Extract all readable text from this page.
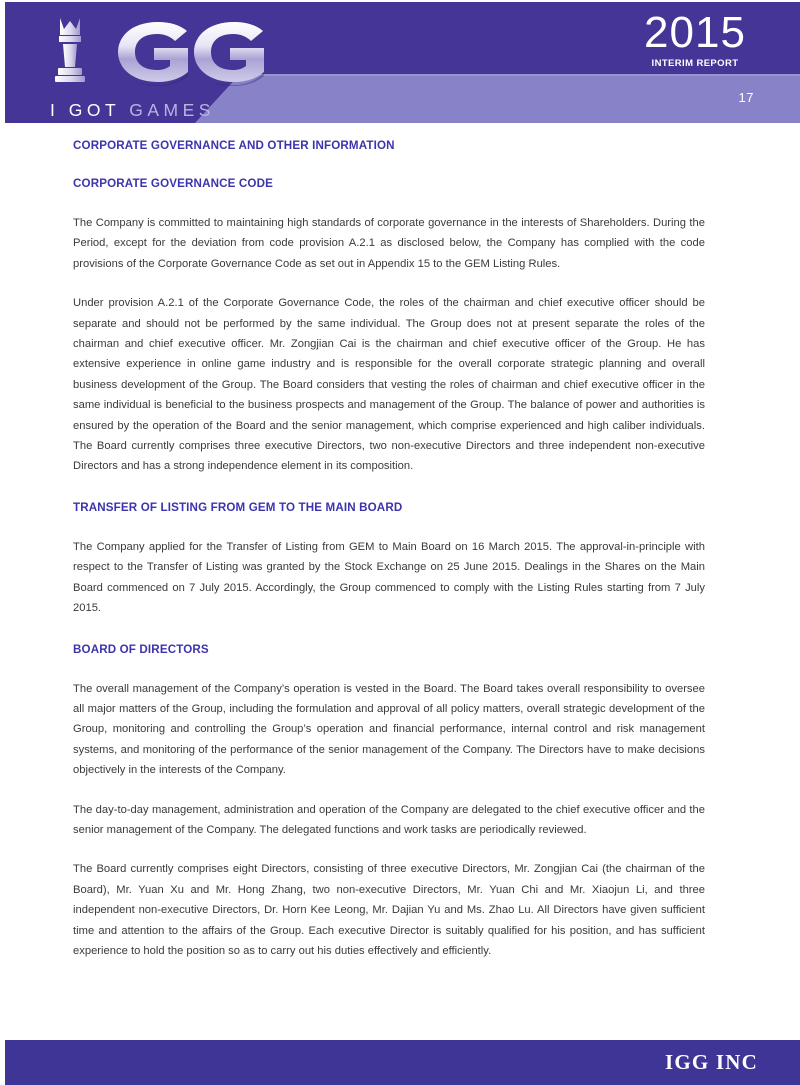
I GOT GAMES
2015
INTERIM REPORT
17
CORPORATE GOVERNANCE AND OTHER INFORMATION
CORPORATE GOVERNANCE CODE

The Company is committed to maintaining high standards of corporate governance in the interests of Shareholders. During the Period, except for the deviation from code provision A.2.1 as disclosed below, the Company has complied with the code provisions of the Corporate Governance Code as set out in Appendix 15 to the GEM Listing Rules.

Under provision A.2.1 of the Corporate Governance Code, the roles of the chairman and chief executive officer should be separate and should not be performed by the same individual. The Group does not at present separate the roles of the chairman and chief executive officer. Mr. Zongjian Cai is the chairman and chief executive officer of the Group. He has extensive experience in online game industry and is responsible for the overall corporate strategic planning and overall business development of the Group. The Board considers that vesting the roles of chairman and chief executive officer in the same individual is beneficial to the business prospects and management of the Group. The balance of power and authorities is ensured by the operation of the Board and the senior management, which comprise experienced and high caliber individuals. The Board currently comprises three executive Directors, two non-executive Directors and three independent non-executive Directors and has a strong independence element in its composition.

TRANSFER OF LISTING FROM GEM TO THE MAIN BOARD

The Company applied for the Transfer of Listing from GEM to Main Board on 16 March 2015. The approval-in-principle with respect to the Transfer of Listing was granted by the Stock Exchange on 25 June 2015. Dealings in the Shares on the Main Board commenced on 7 July 2015. Accordingly, the Group commenced to comply with the Listing Rules starting from 7 July 2015.

BOARD OF DIRECTORS

The overall management of the Company’s operation is vested in the Board. The Board takes overall responsibility to oversee all major matters of the Group, including the formulation and approval of all policy matters, overall strategic development of the Group, monitoring and controlling the Group’s operation and financial performance, internal control and risk management systems, and monitoring of the performance of the senior management of the Company. The Directors have to make decisions objectively in the interests of the Company.

The day-to-day management, administration and operation of the Company are delegated to the chief executive officer and the senior management of the Company. The delegated functions and work tasks are periodically reviewed.

The Board currently comprises eight Directors, consisting of three executive Directors, Mr. Zongjian Cai (the chairman of the Board), Mr. Yuan Xu and Mr. Hong Zhang, two non-executive Directors, Mr. Yuan Chi and Mr. Xiaojun Li, and three independent non-executive Directors, Dr. Horn Kee Leong, Mr. Dajian Yu and Ms. Zhao Lu. All Directors have given sufficient time and attention to the affairs of the Group. Each executive Director is suitably qualified for his position, and has sufficient experience to hold the position so as to carry out his duties effectively and efficiently.

IGG INC
